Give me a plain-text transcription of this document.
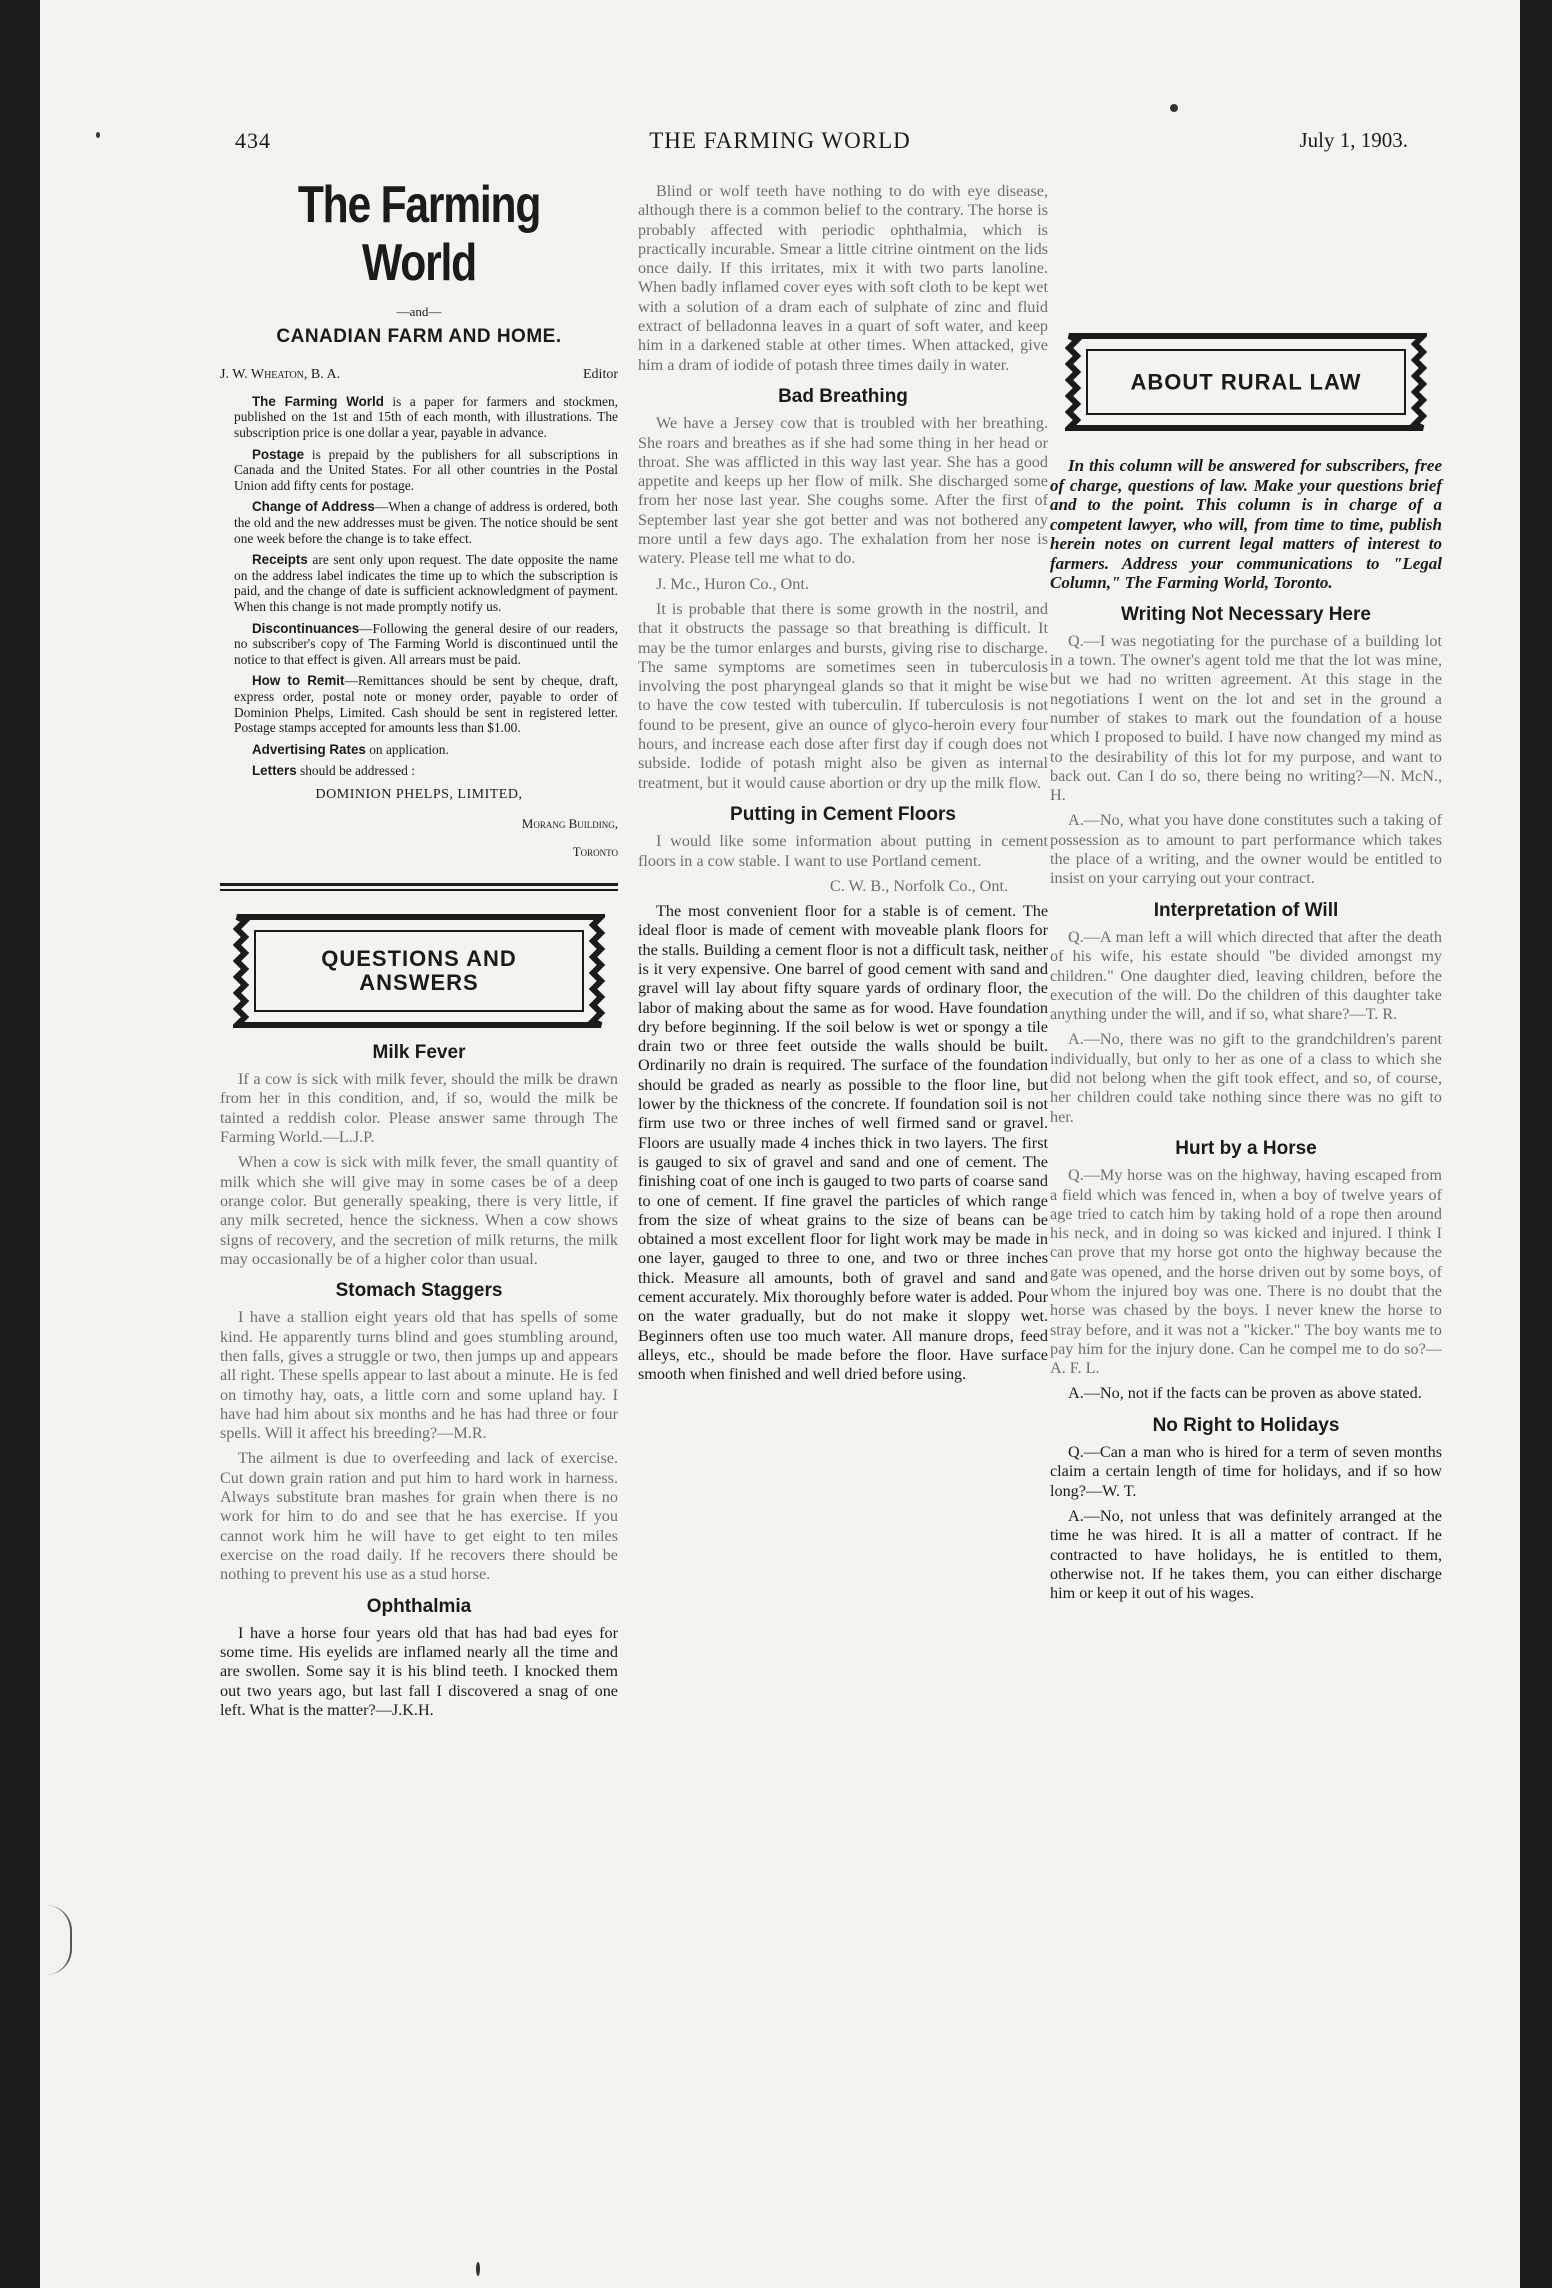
434	THE FARMING WORLD	July 1, 1903.
The Farming World
—and—
CANADIAN FARM AND HOME.
J. W. Wheaton, B. A.	Editor

The Farming World is a paper for farmers and stockmen, published on the 1st and 15th of each month, with illustrations. The subscription price is one dollar a year, payable in advance.

Postage is prepaid by the publishers for all subscriptions in Canada and the United States. For all other countries in the Postal Union add fifty cents for postage.

Change of Address—When a change of address is ordered, both the old and the new addresses must be given. The notice should be sent one week before the change is to take effect.

Receipts are sent only upon request. The date opposite the name on the address label indicates the time up to which the subscription is paid, and the change of date is sufficient acknowledgment of payment. When this change is not made promptly notify us.

Discontinuances—Following the general desire of our readers, no subscriber's copy of The Farming World is discontinued until the notice to that effect is given. All arrears must be paid.

How to Remit—Remittances should be sent by cheque, draft, express order, postal note or money order, payable to order of Dominion Phelps, Limited. Cash should be sent in registered letter. Postage stamps accepted for amounts less than $1.00.

Advertising Rates on application.

Letters should be addressed :

DOMINION PHELPS, LIMITED,
Morang Building,
Toronto
QUESTIONS AND
ANSWERS
Milk Fever

If a cow is sick with milk fever, should the milk be drawn from her in this condition, and, if so, would the milk be tainted a reddish color. Please answer same through The Farming World.—L.J.P.

When a cow is sick with milk fever, the small quantity of milk which she will give may in some cases be of a deep orange color. But generally speaking, there is very little, if any milk secreted, hence the sickness. When a cow shows signs of recovery, and the secretion of milk returns, the milk may occasionally be of a higher color than usual.

Stomach Staggers

I have a stallion eight years old that has spells of some kind. He apparently turns blind and goes stumbling around, then falls, gives a struggle or two, then jumps up and appears all right. These spells appear to last about a minute. He is fed on timothy hay, oats, a little corn and some upland hay. I have had him about six months and he has had three or four spells. Will it affect his breeding?—M.R.

The ailment is due to overfeeding and lack of exercise. Cut down grain ration and put him to hard work in harness. Always substitute bran mashes for grain when there is no work for him to do and see that he has exercise. If you cannot work him he will have to get eight to ten miles exercise on the road daily. If he recovers there should be nothing to prevent his use as a stud horse.

Ophthalmia

I have a horse four years old that has had bad eyes for some time. His eyelids are inflamed nearly all the time and are swollen. Some say it is his blind teeth. I knocked them out two years ago, but last fall I discovered a snag of one left. What is the matter?—J.K.H.

Blind or wolf teeth have nothing to do with eye disease, although there is a common belief to the contrary. The horse is probably affected with periodic ophthalmia, which is practically incurable. Smear a little citrine ointment on the lids once daily. If this irritates, mix it with two parts lanoline. When badly inflamed cover eyes with soft cloth to be kept wet with a solution of a dram each of sulphate of zinc and fluid extract of belladonna leaves in a quart of soft water, and keep him in a darkened stable at other times. When attacked, give him a dram of iodide of potash three times daily in water.

Bad Breathing

We have a Jersey cow that is troubled with her breathing. She roars and breathes as if she had some thing in her head or throat. She was afflicted in this way last year. She has a good appetite and keeps up her flow of milk. She discharged some from her nose last year. She coughs some. After the first of September last year she got better and was not bothered any more until a few days ago. The exhalation from her nose is watery. Please tell me what to do.

J. Mc., Huron Co., Ont.

It is probable that there is some growth in the nostril, and that it obstructs the passage so that breathing is difficult. It may be the tumor enlarges and bursts, giving rise to discharge. The same symptoms are sometimes seen in tuberculosis involving the post pharyngeal glands so that it might be wise to have the cow tested with tuberculin. If tuberculosis is not found to be present, give an ounce of glyco-heroin every four hours, and increase each dose after first day if cough does not subside. Iodide of potash might also be given as internal treatment, but it would cause abortion or dry up the milk flow.

Putting in Cement Floors

I would like some information about putting in cement floors in a cow stable. I want to use Portland cement.

C. W. B., Norfolk Co., Ont.

The most convenient floor for a stable is of cement. The ideal floor is made of cement with moveable plank floors for the stalls. Building a cement floor is not a difficult task, neither is it very expensive. One barrel of good cement with sand and gravel will lay about fifty square yards of ordinary floor, the labor of making about the same as for wood. Have foundation dry before beginning. If the soil below is wet or spongy a tile drain two or three feet outside the walls should be built. Ordinarily no drain is required. The surface of the foundation should be graded as nearly as possible to the floor line, but lower by the thickness of the concrete. If foundation soil is not firm use two or three inches of well firmed sand or gravel. Floors are usually made 4 inches thick in two layers. The first is gauged to six of gravel and sand and one of cement. The finishing coat of one inch is gauged to two parts of coarse sand to one of cement. If fine gravel the particles of which range from the size of wheat grains to the size of beans can be obtained a most excellent floor for light work may be made in one layer, gauged to three to one, and two or three inches thick. Measure all amounts, both of gravel and sand and cement accurately. Mix thoroughly before water is added. Pour on the water gradually, but do not make it sloppy wet. Beginners often use too much water. All manure drops, feed alleys, etc., should be made before the floor. Have surface smooth when finished and well dried before using.

ABOUT RURAL LAW

In this column will be answered for subscribers, free of charge, questions of law. Make your questions brief and to the point. This column is in charge of a competent lawyer, who will, from time to time, publish herein notes on current legal matters of interest to farmers. Address your communications to "Legal Column," The Farming World, Toronto.

Writing Not Necessary Here

Q.—I was negotiating for the purchase of a building lot in a town. The owner's agent told me that the lot was mine, but we had no written agreement. At this stage in the negotiations I went on the lot and set in the ground a number of stakes to mark out the foundation of a house which I proposed to build. I have now changed my mind as to the desirability of this lot for my purpose, and want to back out. Can I do so, there being no writing?—N. McN., H.

A.—No, what you have done constitutes such a taking of possession as to amount to part performance which takes the place of a writing, and the owner would be entitled to insist on your carrying out your contract.

Interpretation of Will

Q.—A man left a will which directed that after the death of his wife, his estate should "be divided amongst my children." One daughter died, leaving children, before the execution of the will. Do the children of this daughter take anything under the will, and if so, what share?—T. R.

A.—No, there was no gift to the grandchildren's parent individually, but only to her as one of a class to which she did not belong when the gift took effect, and so, of course, her children could take nothing since there was no gift to her.

Hurt by a Horse

Q.—My horse was on the highway, having escaped from a field which was fenced in, when a boy of twelve years of age tried to catch him by taking hold of a rope then around his neck, and in doing so was kicked and injured. I think I can prove that my horse got onto the highway because the gate was opened, and the horse driven out by some boys, of whom the injured boy was one. There is no doubt that the horse was chased by the boys. I never knew the horse to stray before, and it was not a "kicker." The boy wants me to pay him for the injury done. Can he compel me to do so?—A. F. L.

A.—No, not if the facts can be proven as above stated.

No Right to Holidays

Q.—Can a man who is hired for a term of seven months claim a certain length of time for holidays, and if so how long?—W. T.

A.—No, not unless that was definitely arranged at the time he was hired. It is all a matter of contract. If he contracted to have holidays, he is entitled to them, otherwise not. If he takes them, you can either discharge him or keep it out of his wages.
